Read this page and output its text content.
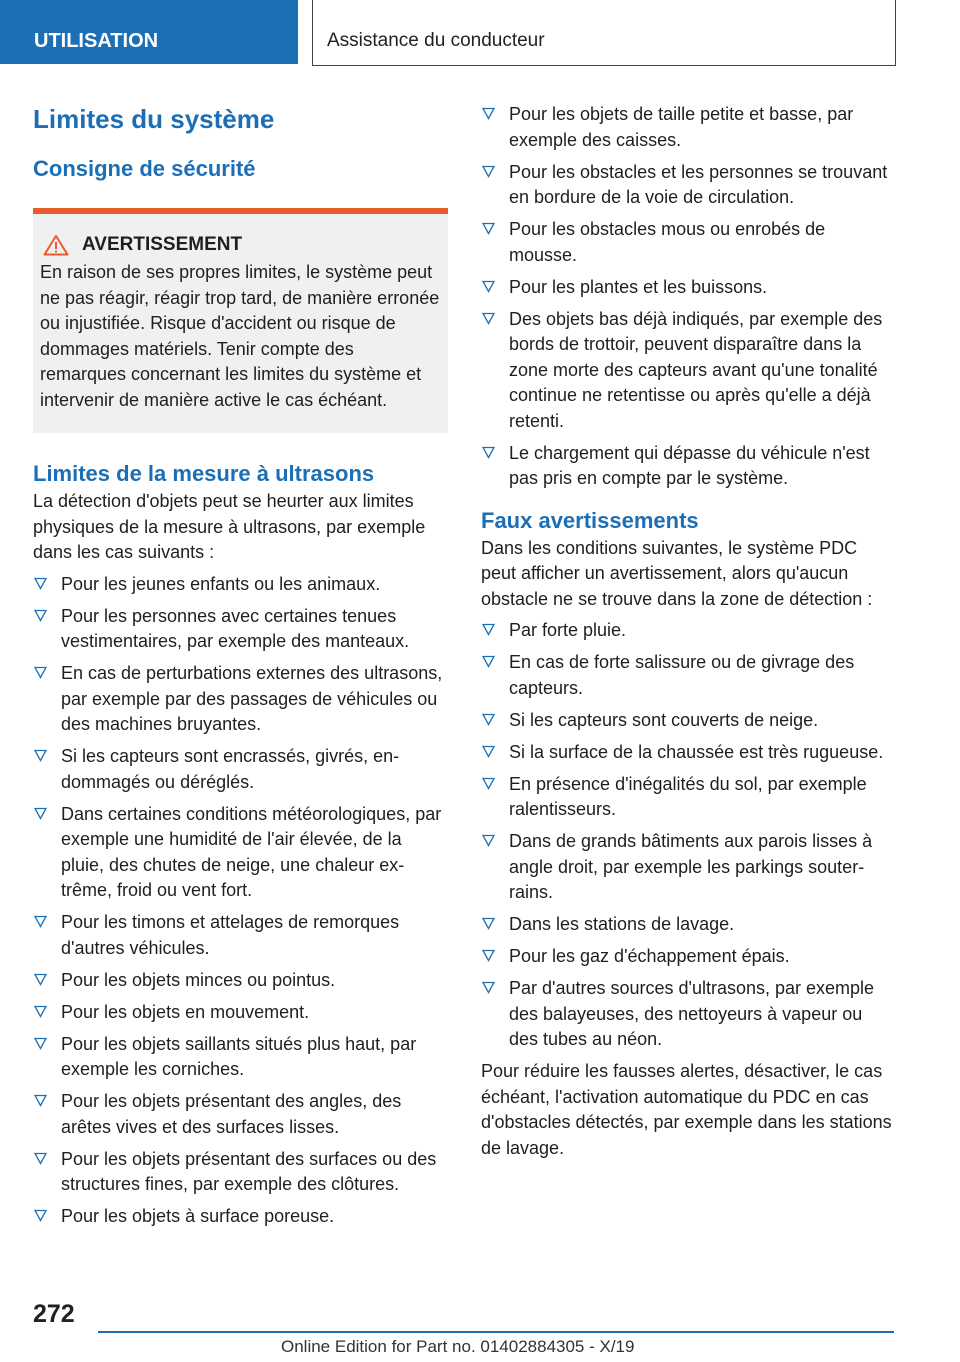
UTILISATION	Assistance du conducteur
Limites du système
Consigne de sécurité
AVERTISSEMENT

En raison de ses propres limites, le système peut ne pas réagir, réagir trop tard, de manière erronée ou injustifiée. Risque d'accident ou risque de dommages matériels. Tenir compte des remarques concernant les limites du système et intervenir de manière active le cas échéant.

Limites de la mesure à ultrasons

La détection d'objets peut se heurter aux limites physiques de la mesure à ultrasons, par exemple dans les cas suivants :

Pour les jeunes enfants ou les animaux.
Pour les personnes avec certaines tenues vestimentaires, par exemple des manteaux.
En cas de perturbations externes des ultrasons, par exemple par des passages de véhicules ou des machines bruyantes.
Si les capteurs sont encrassés, givrés, endommagés ou déréglés.
Dans certaines conditions météorologiques, par exemple une humidité de l'air élevée, de la pluie, des chutes de neige, une chaleur extrême, froid ou vent fort.
Pour les timons et attelages de remorques d'autres véhicules.
Pour les objets minces ou pointus.
Pour les objets en mouvement.
Pour les objets saillants situés plus haut, par exemple les corniches.
Pour les objets présentant des angles, des arêtes vives et des surfaces lisses.
Pour les objets présentant des surfaces ou des structures fines, par exemple des clôtures.
Pour les objets à surface poreuse.
Pour les objets de taille petite et basse, par exemple des caisses.
Pour les obstacles et les personnes se trouvant en bordure de la voie de circulation.
Pour les obstacles mous ou enrobés de mousse.
Pour les plantes et les buissons.
Des objets bas déjà indiqués, par exemple des bords de trottoir, peuvent disparaître dans la zone morte des capteurs avant qu'une tonalité continue ne retentisse ou après qu'elle a déjà retenti.
Le chargement qui dépasse du véhicule n'est pas pris en compte par le système.
Faux avertissements

Dans les conditions suivantes, le système PDC peut afficher un avertissement, alors qu'aucun obstacle ne se trouve dans la zone de détection :

Par forte pluie.
En cas de forte salissure ou de givrage des capteurs.
Si les capteurs sont couverts de neige.
Si la surface de la chaussée est très rugueuse.
En présence d'inégalités du sol, par exemple ralentisseurs.
Dans de grands bâtiments aux parois lisses à angle droit, par exemple les parkings souterrains.
Dans les stations de lavage.
Pour les gaz d'échappement épais.
Par d'autres sources d'ultrasons, par exemple des balayeuses, des nettoyeurs à vapeur ou des tubes au néon.

Pour réduire les fausses alertes, désactiver, le cas échéant, l'activation automatique du PDC en cas d'obstacles détectés, par exemple dans les stations de lavage.

272
Online Edition for Part no. 01402884305 - X/19
